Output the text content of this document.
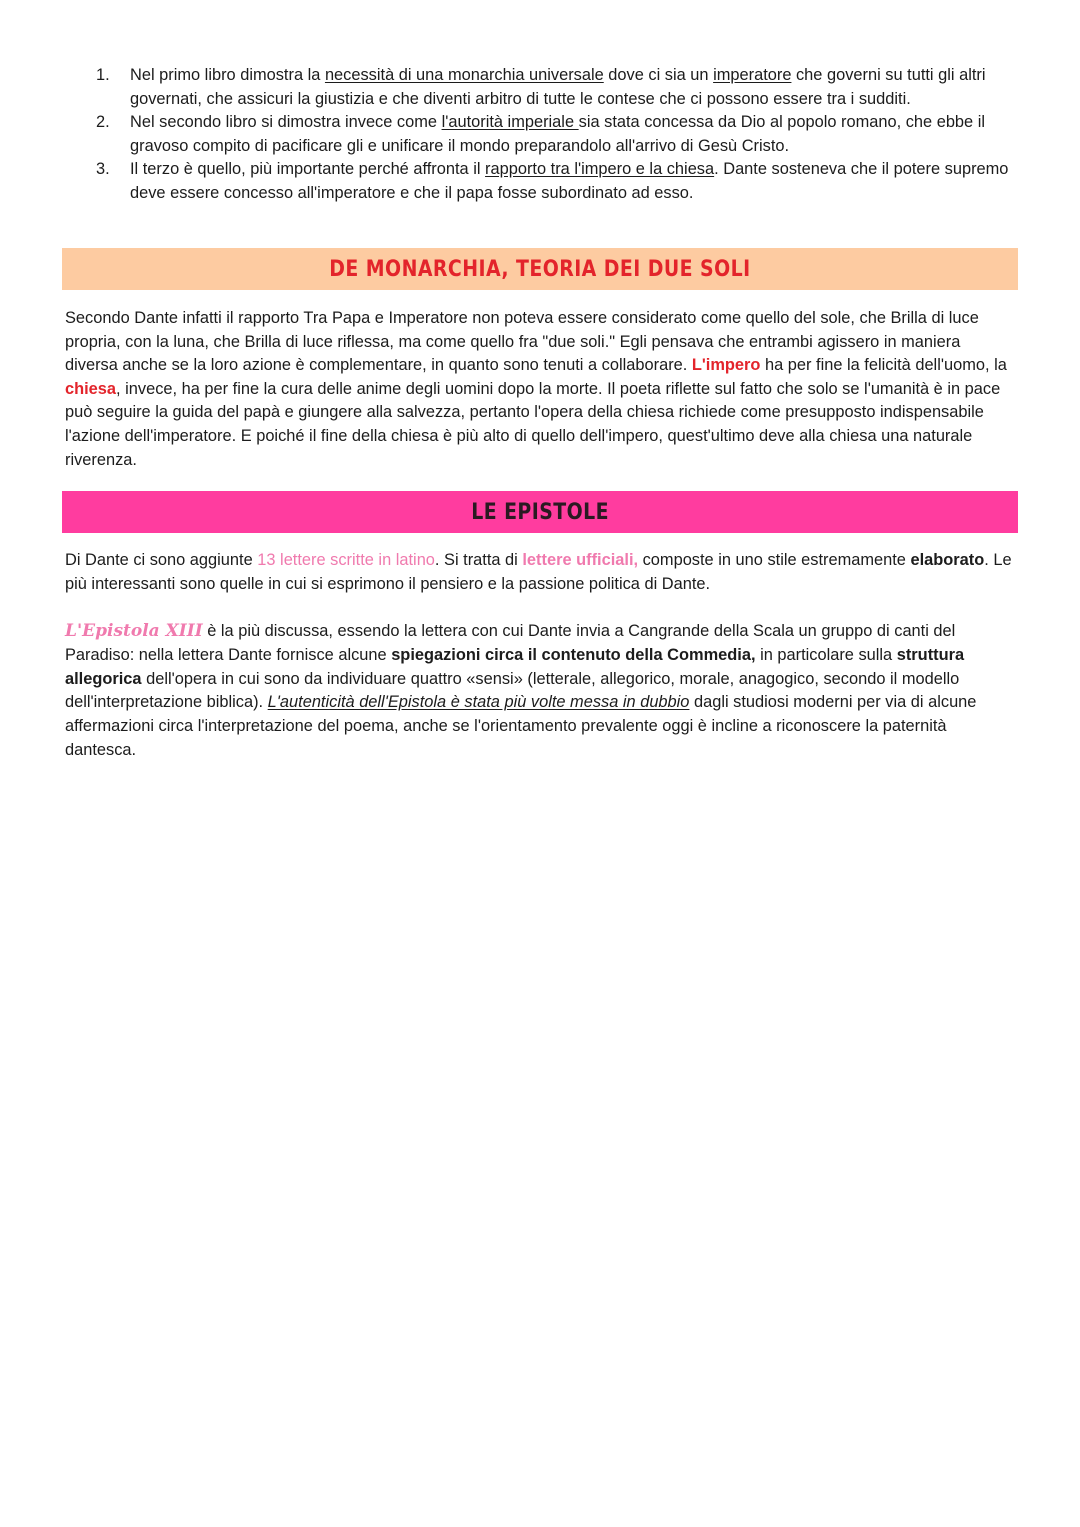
1. Nel primo libro dimostra la necessità di una monarchia universale dove ci sia un imperatore che governi su tutti gli altri governati, che assicuri la giustizia e che diventi arbitro di tutte le contese che ci possono essere tra i sudditi.
2. Nel secondo libro si dimostra invece come l'autorità imperiale sia stata concessa da Dio al popolo romano, che ebbe il gravoso compito di pacificare gli e unificare il mondo preparandolo all'arrivo di Gesù Cristo.
3. Il terzo è quello, più importante perché affronta il rapporto tra l'impero e la chiesa. Dante sosteneva che il potere supremo deve essere concesso all'imperatore e che il papa fosse subordinato ad esso.
DE MONARCHIA, TEORIA DEI DUE SOLI

Secondo Dante infatti il rapporto Tra Papa e Imperatore non poteva essere considerato come quello del sole, che Brilla di luce propria, con la luna, che Brilla di luce riflessa, ma come quello fra "due soli." Egli pensava che entrambi agissero in maniera diversa anche se la loro azione è complementare, in quanto sono tenuti a collaborare. L'impero ha per fine la felicità dell'uomo, la chiesa, invece, ha per fine la cura delle anime degli uomini dopo la morte. Il poeta riflette sul fatto che solo se l'umanità è in pace può seguire la guida del papà e giungere alla salvezza, pertanto l'opera della chiesa richiede come presupposto indispensabile l'azione dell'imperatore. E poiché il fine della chiesa è più alto di quello dell'impero, quest'ultimo deve alla chiesa una naturale riverenza.

LE EPISTOLE

Di Dante ci sono aggiunte 13 lettere scritte in latino. Si tratta di lettere ufficiali, composte in uno stile estremamente elaborato. Le più interessanti sono quelle in cui si esprimono il pensiero e la passione politica di Dante.

L'Epistola XIII è la più discussa, essendo la lettera con cui Dante invia a Cangrande della Scala un gruppo di canti del Paradiso: nella lettera Dante fornisce alcune spiegazioni circa il contenuto della Commedia, in particolare sulla struttura allegorica dell'opera in cui sono da individuare quattro «sensi» (letterale, allegorico, morale, anagogico, secondo il modello dell'interpretazione biblica). L'autenticità dell'Epistola è stata più volte messa in dubbio dagli studiosi moderni per via di alcune affermazioni circa l'interpretazione del poema, anche se l'orientamento prevalente oggi è incline a riconoscere la paternità dantesca.
